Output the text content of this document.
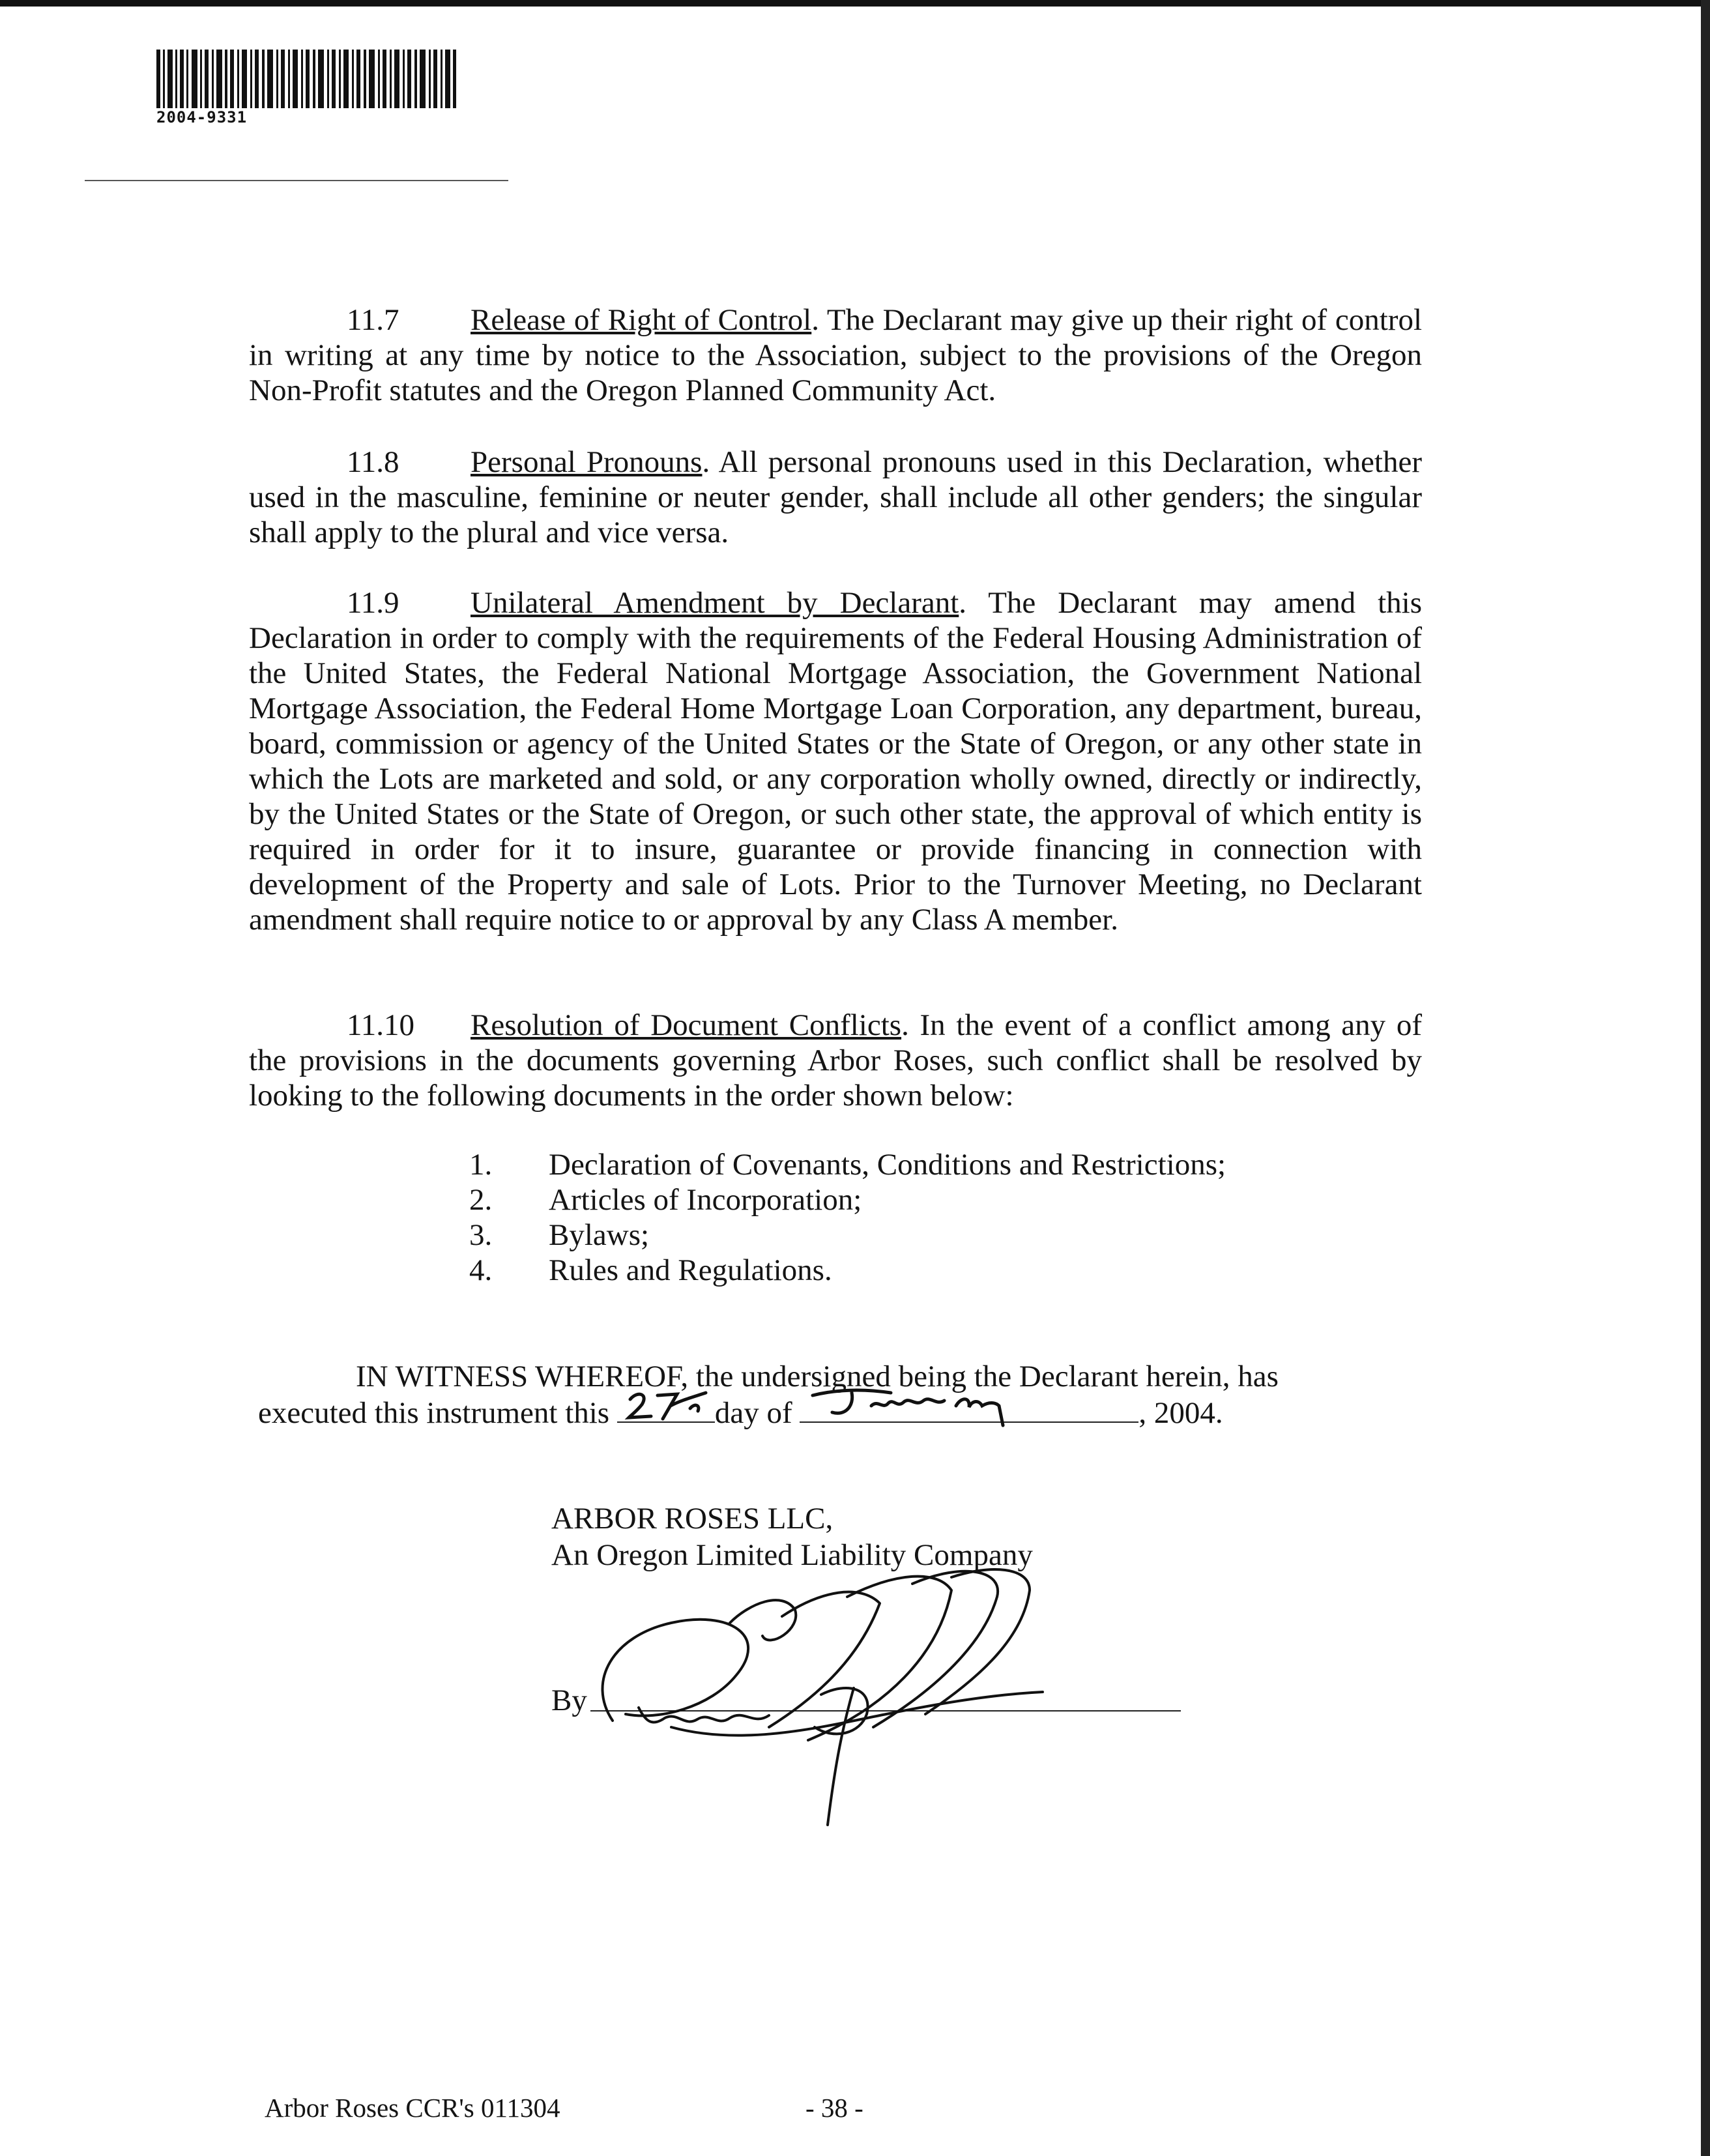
2004-9331

11.7 Release of Right of Control. The Declarant may give up their right of control in writing at any time by notice to the Association, subject to the provisions of the Oregon Non-Profit statutes and the Oregon Planned Community Act.

11.8 Personal Pronouns. All personal pronouns used in this Declaration, whether used in the masculine, feminine or neuter gender, shall include all other genders; the singular shall apply to the plural and vice versa.

11.9 Unilateral Amendment by Declarant. The Declarant may amend this Declaration in order to comply with the requirements of the Federal Housing Administration of the United States, the Federal National Mortgage Association, the Government National Mortgage Association, the Federal Home Mortgage Loan Corporation, any department, bureau, board, commission or agency of the United States or the State of Oregon, or any other state in which the Lots are marketed and sold, or any corporation wholly owned, directly or indirectly, by the United States or the State of Oregon, or such other state, the approval of which entity is required in order for it to insure, guarantee or provide financing in connection with development of the Property and sale of Lots. Prior to the Turnover Meeting, no Declarant amendment shall require notice to or approval by any Class A member.

11.10 Resolution of Document Conflicts. In the event of a conflict among any of the provisions in the documents governing Arbor Roses, such conflict shall be resolved by looking to the following documents in the order shown below:

1.	Declaration of Covenants, Conditions and Restrictions;
2.	Articles of Incorporation;
3.	Bylaws;
4.	Rules and Regulations.
IN WITNESS WHEREOF, the undersigned being the Declarant herein, has
executed this instrument this	day of	, 2004.
ARBOR ROSES LLC,
An Oregon Limited Liability Company
By
Arbor Roses CCR's 011304	- 38 -
